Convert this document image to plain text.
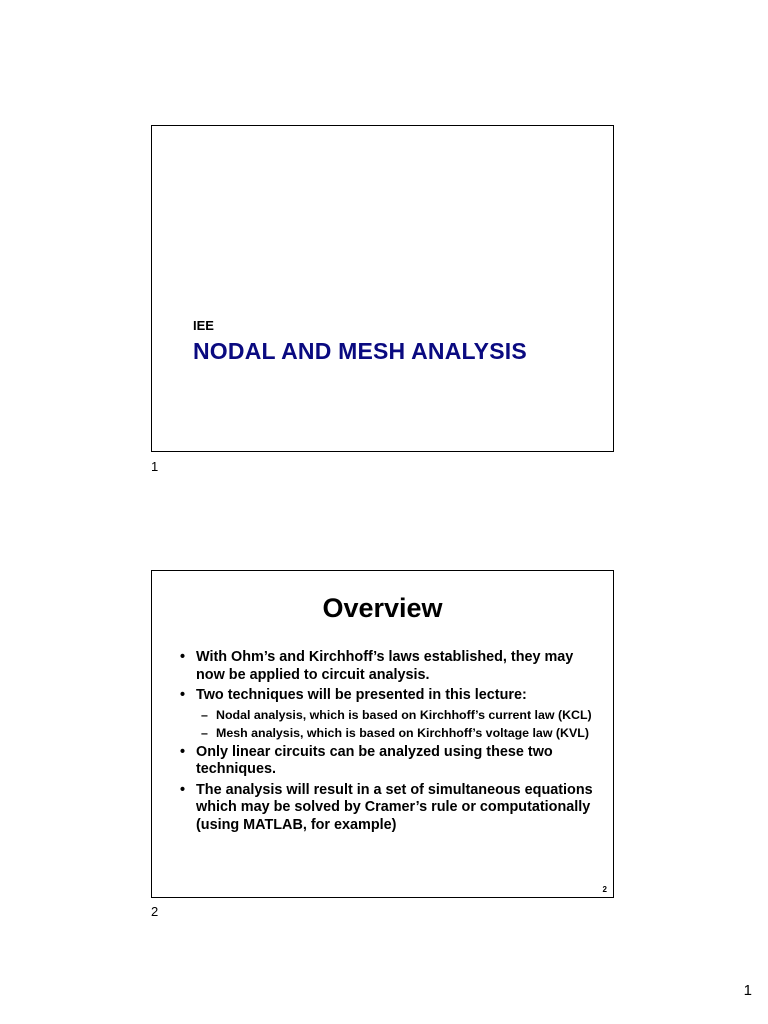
IEE
NODAL AND MESH ANALYSIS
1
Overview
• With Ohm’s and Kirchhoff’s laws established, they may now be applied to circuit analysis.
• Two techniques will be presented in this lecture:
– Nodal analysis, which is based on Kirchhoff’s current law (KCL)
– Mesh analysis, which is based on Kirchhoff’s voltage law (KVL)
• Only linear circuits can be analyzed using these two techniques.
• The analysis will result in a set of simultaneous equations which may be solved by Cramer’s rule or computationally (using MATLAB, for example)
2
2
1
